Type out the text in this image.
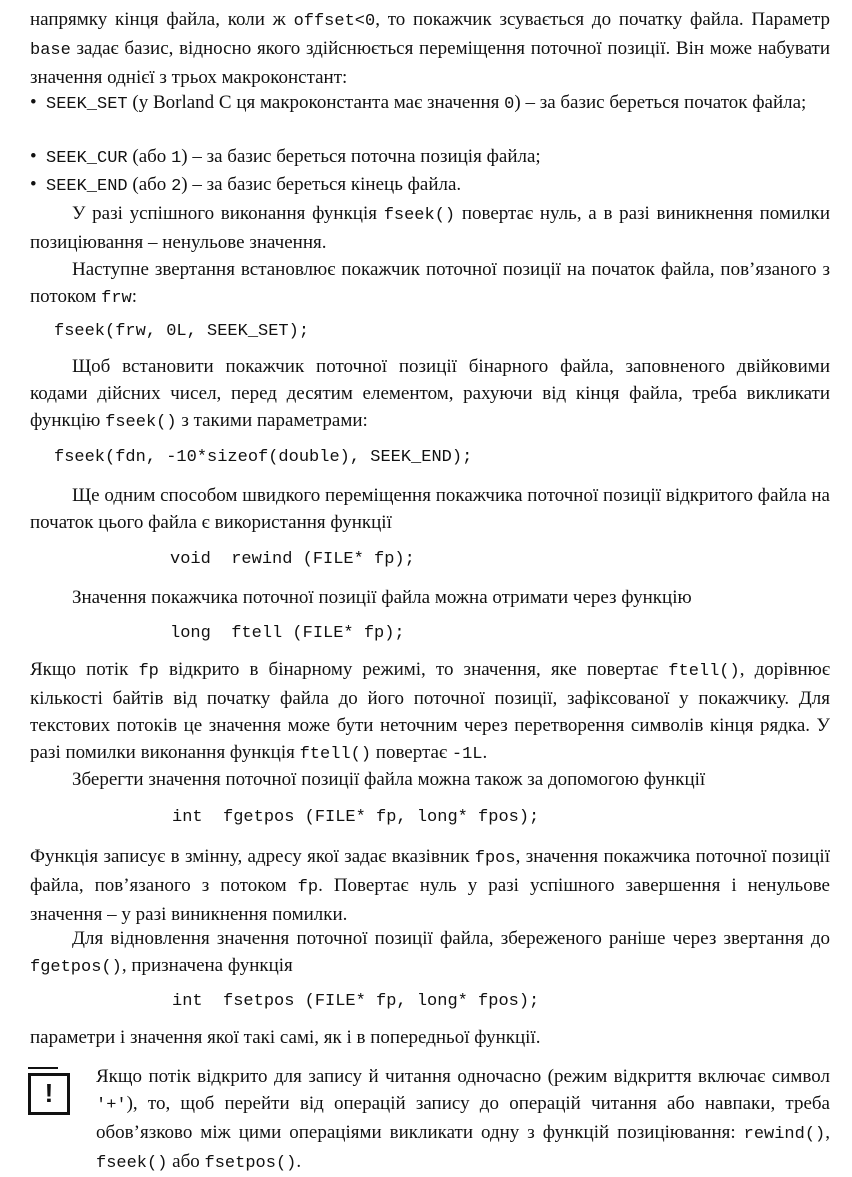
напрямку кінця файла, коли ж offset<0, то покажчик зсувається до початку файла. Параметр base задає базис, відносно якого здійснюється переміщення поточної позиції. Він може набувати значення однієї з трьох макроконстант:

• SEEK_SET (у Borland C ця макроконстанта має значення 0) – за базис береться початок файла;

• SEEK_CUR (або 1) – за базис береться поточна позиція файла;

• SEEK_END (або 2) – за базис береться кінець файла.

У разі успішного виконання функція fseek() повертає нуль, а в разі виникнення помилки позиціювання – ненульове значення.

Наступне звертання встановлює покажчик поточної позиції на початок файла, пов’язаного з потоком frw:

fseek(frw, 0L, SEEK_SET);

Щоб встановити покажчик поточної позиції бінарного файла, заповненого двійковими кодами дійсних чисел, перед десятим елементом, рахуючи від кінця файла, треба викликати функцію fseek() з такими параметрами:

fseek(fdn, -10*sizeof(double), SEEK_END);

Ще одним способом швидкого переміщення покажчика поточної позиції відкритого файла на початок цього файла є використання функції

void  rewind (FILE* fp);

Значення покажчика поточної позиції файла можна отримати через функцію

long  ftell (FILE* fp);

Якщо потік fp відкрито в бінарному режимі, то значення, яке повертає ftell(), дорівнює кількості байтів від початку файла до його поточної позиції, зафіксованої у покажчику. Для текстових потоків це значення може бути неточним через перетворення символів кінця рядка. У разі помилки виконання функція ftell() повертає -1L.

Зберегти значення поточної позиції файла можна також за допомогою функції

int  fgetpos (FILE* fp, long* fpos);

Функція записує в змінну, адресу якої задає вказівник fpos, значення покажчика поточної позиції файла, пов’язаного з потоком fp. Повертає нуль у разі успішного завершення і ненульове значення – у разі виникнення помилки.

Для відновлення значення поточної позиції файла, збереженого раніше через звертання до fgetpos(), призначена функція

int  fsetpos (FILE* fp, long* fpos);

параметри і значення якої такі самі, як і в попередньої функції.

!

Якщо потік відкрито для запису й читання одночасно (режим відкриття включає символ '+'), то, щоб перейти від операцій запису до операцій читання або навпаки, треба обов’язково між цими операціями викликати одну з функцій позиціювання: rewind(), fseek() або fsetpos().
